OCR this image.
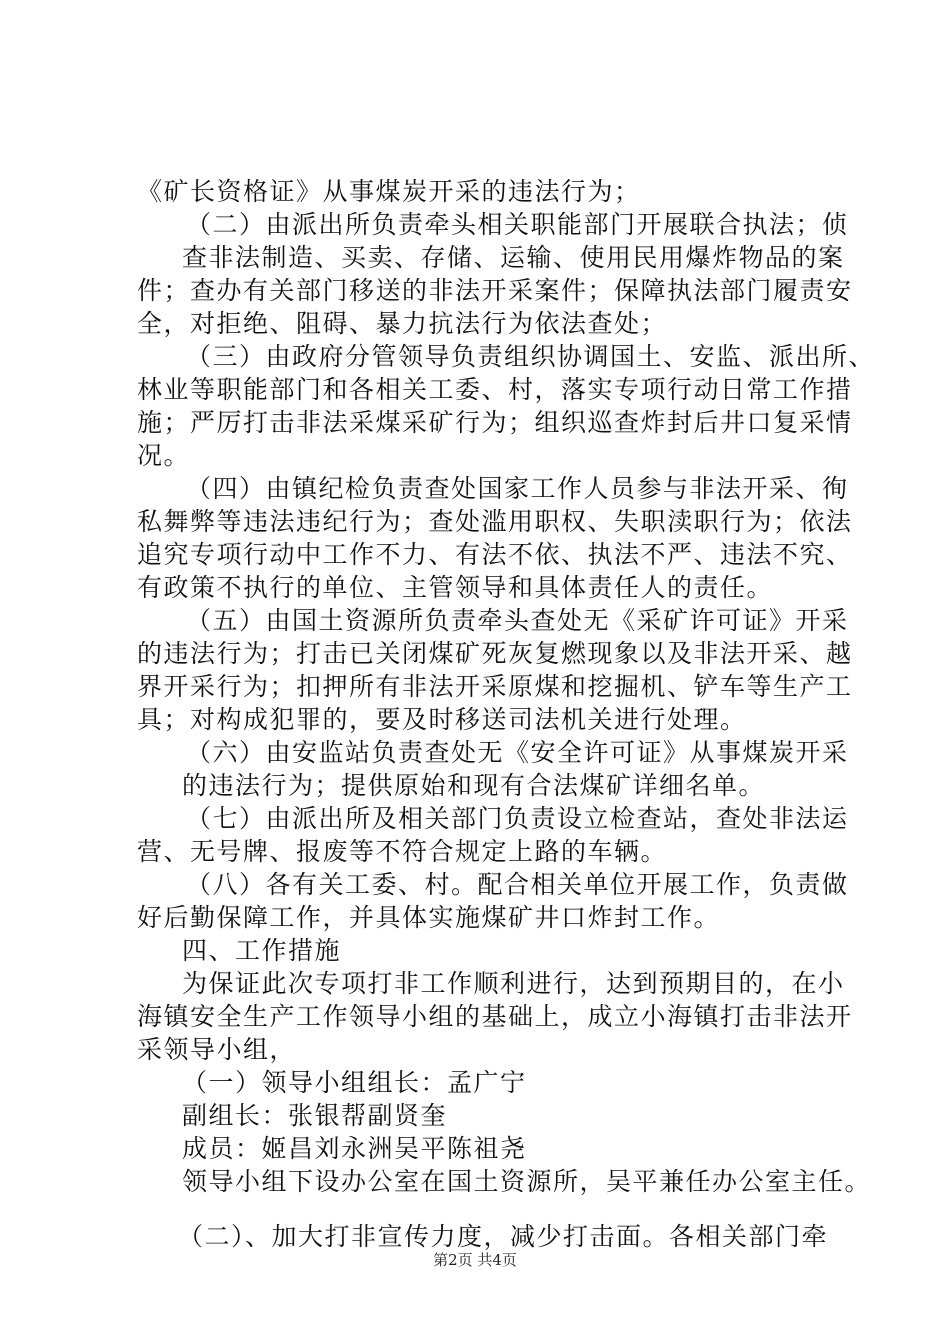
《矿长资格证》从事煤炭开采的违法行为；
（二）由派出所负责牵头相关职能部门开展联合执法；侦
查非法制造、买卖、存储、运输、使用民用爆炸物品的案
件；查办有关部门移送的非法开采案件；保障执法部门履责安
全，对拒绝、阻碍、暴力抗法行为依法查处；
（三）由政府分管领导负责组织协调国土、安监、派出所、
林业等职能部门和各相关工委、村，落实专项行动日常工作措
施；严厉打击非法采煤采矿行为；组织巡查炸封后井口复采情
况。
（四）由镇纪检负责查处国家工作人员参与非法开采、徇
私舞弊等违法违纪行为；查处滥用职权、失职渎职行为；依法
追究专项行动中工作不力、有法不依、执法不严、违法不究、
有政策不执行的单位、主管领导和具体责任人的责任。
（五）由国土资源所负责牵头查处无《采矿许可证》开采
的违法行为；打击已关闭煤矿死灰复燃现象以及非法开采、越
界开采行为；扣押所有非法开采原煤和挖掘机、铲车等生产工
具；对构成犯罪的，要及时移送司法机关进行处理。
（六）由安监站负责查处无《安全许可证》从事煤炭开采
的违法行为；提供原始和现有合法煤矿详细名单。
（七）由派出所及相关部门负责设立检查站，查处非法运
营、无号牌、报废等不符合规定上路的车辆。
（八）各有关工委、村。配合相关单位开展工作，负责做
好后勤保障工作，并具体实施煤矿井口炸封工作。
四、工作措施
为保证此次专项打非工作顺利进行，达到预期目的，在小
海镇安全生产工作领导小组的基础上，成立小海镇打击非法开
采领导小组，
（一）领导小组组长：孟广宁
副组长：张银帮副贤奎
成员：姬昌刘永洲吴平陈祖尧
领导小组下设办公室在国土资源所，吴平兼任办公室主任。
（二）、加大打非宣传力度，减少打击面。各相关部门牵
第2页 共4页
